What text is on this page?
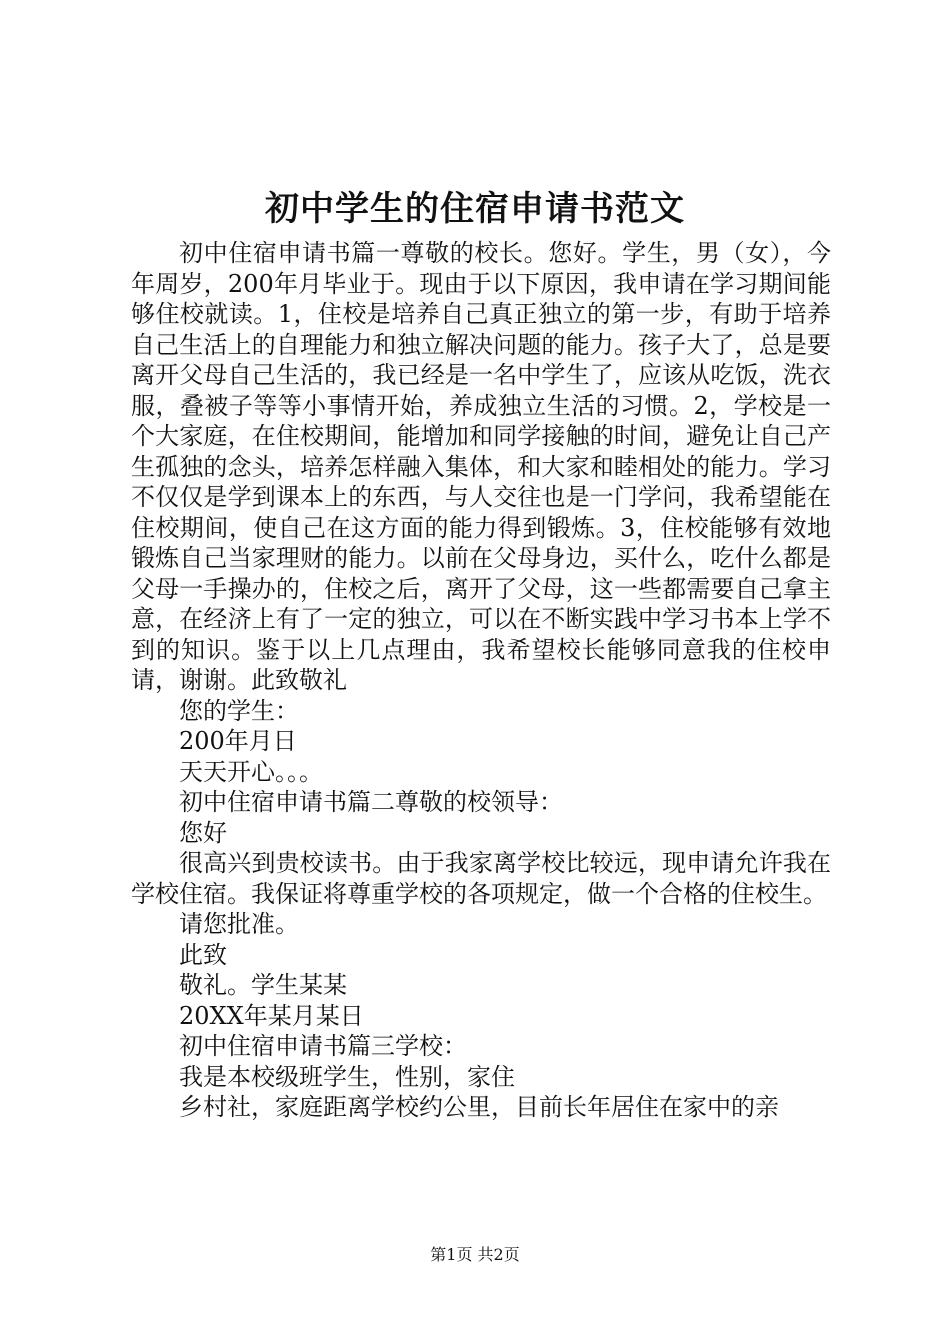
初中学生的住宿申请书范文

初中住宿申请书篇一尊敬的校长。您好。学生，男（女），今年周岁，200年月毕业于。现由于以下原因，我申请在学习期间能够住校就读。1，住校是培养自己真正独立的第一步，有助于培养自己生活上的自理能力和独立解决问题的能力。孩子大了，总是要离开父母自己生活的，我已经是一名中学生了，应该从吃饭，洗衣服，叠被子等等小事情开始，养成独立生活的习惯。2，学校是一个大家庭，在住校期间，能增加和同学接触的时间，避免让自己产生孤独的念头，培养怎样融入集体，和大家和睦相处的能力。学习不仅仅是学到课本上的东西，与人交往也是一门学问，我希望能在住校期间，使自己在这方面的能力得到锻炼。3，住校能够有效地锻炼自己当家理财的能力。以前在父母身边，买什么，吃什么都是父母一手操办的，住校之后，离开了父母，这一些都需要自己拿主意，在经济上有了一定的独立，可以在不断实践中学习书本上学不到的知识。鉴于以上几点理由，我希望校长能够同意我的住校申请，谢谢。此致敬礼

您的学生：

200年月日

天天开心。。。

初中住宿申请书篇二尊敬的校领导：

您好

很高兴到贵校读书。由于我家离学校比较远，现申请允许我在学校住宿。我保证将尊重学校的各项规定，做一个合格的住校生。

请您批准。

此致

敬礼。学生某某

20XX年某月某日

初中住宿申请书篇三学校：

我是本校级班学生，性别，家住

乡村社，家庭距离学校约公里，目前长年居住在家中的亲

第1页 共2页
